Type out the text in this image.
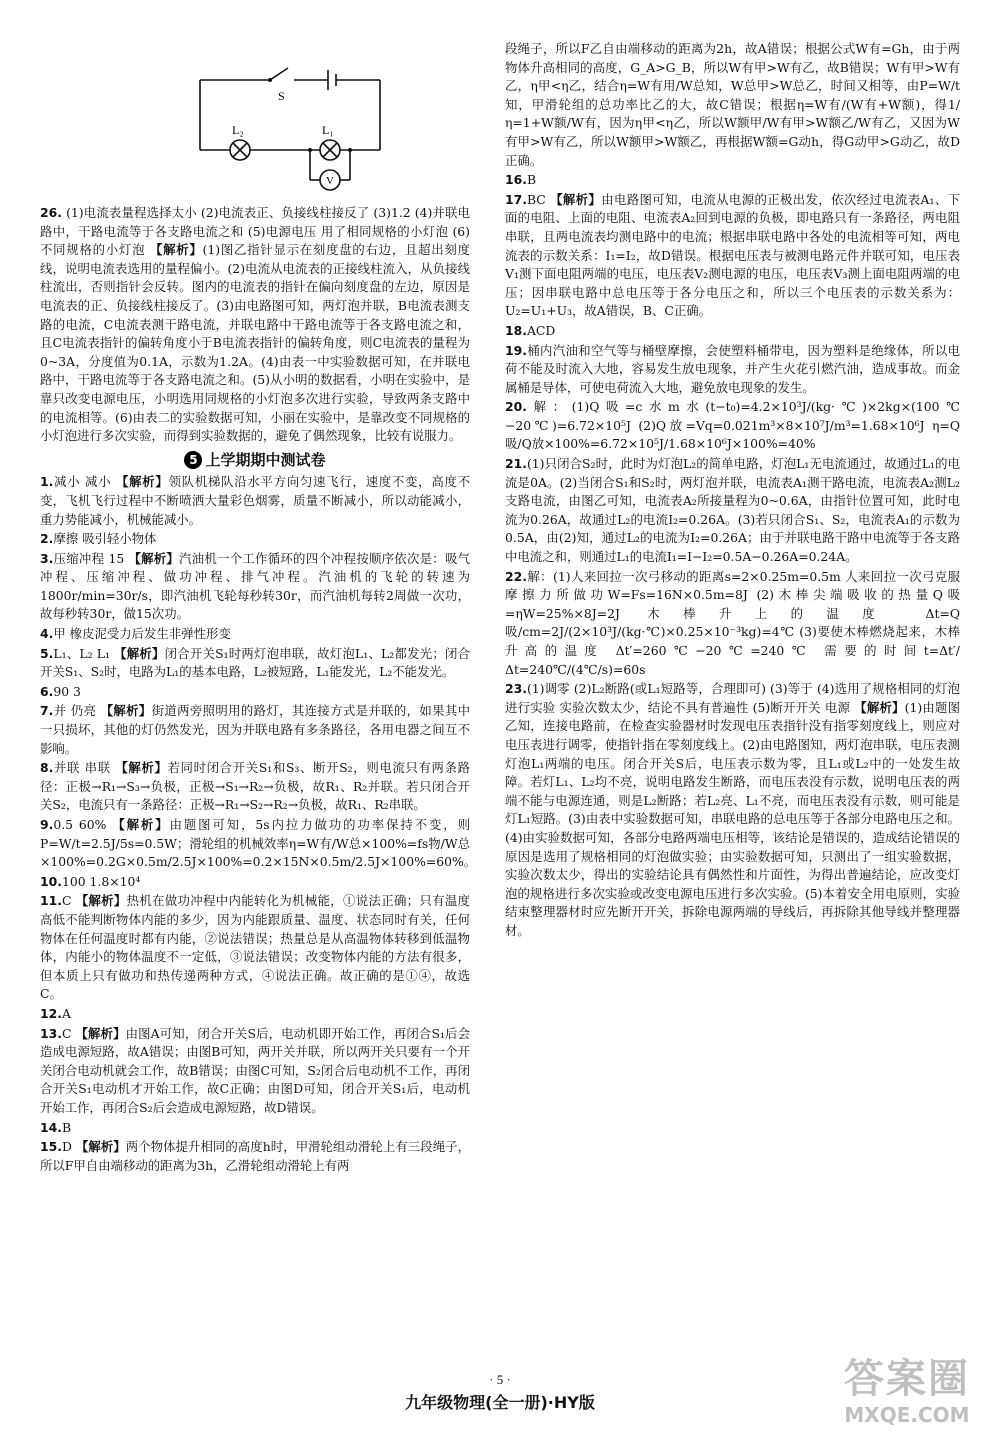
S
L₂	L₁
V
26. (1)电流表量程选择太小 (2)电流表正、负接线柱接反了 (3)1.2 (4)并联电路中，干路电流等于各支路电流之和 (5)电源电压 用了相同规格的小灯泡 (6)不同规格的小灯泡 【解析】(1)图乙指针显示在刻度盘的右边，且超出刻度线，说明电流表选用的量程偏小。(2)电流从电流表的正接线柱流入，从负接线柱流出，否则指针会反转。图内的电流表的指针在偏向刻度盘的左边，原因是电流表的正、负接线柱接反了。(3)由电路图可知，两灯泡并联，B电流表测支路的电流，C电流表测干路电流，并联电路中干路电流等于各支路电流之和，且C电流表指针的偏转角度小于B电流表指针的偏转角度，则C电流表的量程为0~3A，分度值为0.1A，示数为1.2A。(4)由表一中实验数据可知，在并联电路中，干路电流等于各支路电流之和。(5)从小明的数据看，小明在实验中，是靠只改变电源电压，小明选用同规格的小灯泡多次进行实验，导致两条支路中的电流相等。(6)由表二的实验数据可知，小丽在实验中，是靠改变不同规格的小灯泡进行多次实验，而得到实验数据的，避免了偶然现象，比较有说服力。
5 上学期期中测试卷
1.减小 减小 【解析】领队机梯队沿水平方向匀速飞行，速度不变，高度不变，飞机飞行过程中不断喷洒大量彩色烟雾，质量不断减小，所以动能减小，重力势能减小，机械能减小。
2.摩擦 吸引轻小物体
3.压缩冲程 15 【解析】汽油机一个工作循环的四个冲程按顺序依次是：吸气冲程、压缩冲程、做功冲程、排气冲程。汽油机的飞轮的转速为1800r/min=30r/s，即汽油机飞轮每秒转30r，而汽油机每转2周做一次功，故每秒转30r，做15次功。
4.甲 橡皮泥受力后发生非弹性形变
5.L₁、L₂ L₁ 【解析】闭合开关S₁时两灯泡串联，故灯泡L₁、L₂都发光；闭合开关S₁、S₂时，电路为L₁的基本电路，L₂被短路，L₁能发光，L₂不能发光。
6.90 3
7.并 仍亮 【解析】街道两旁照明用的路灯，其连接方式是并联的，如果其中一只损坏，其他的灯仍然发光，因为并联电路有多条路径，各用电器之间互不影响。
8.并联 串联 【解析】若同时闭合开关S₁和S₃、断开S₂，则电流只有两条路径：正极→R₁→S₃→负极，正极→S₁→R₂→负极，故R₁、R₂并联。若只闭合开关S₂，电流只有一条路径：正极→R₁→S₂→R₂→负极，故R₁、R₂串联。
9.0.5 60% 【解析】由题图可知，5s内拉力做功的功率保持不变，则P=W/t=2.5J/5s=0.5W；滑轮组的机械效率η=W有/W总×100%=fs物/W总×100%=0.2G×0.5m/2.5J×100%=0.2×15N×0.5m/2.5J×100%=60%。
10.100 1.8×10⁴
11.C 【解析】热机在做功冲程中内能转化为机械能，①说法正确；只有温度高低不能判断物体内能的多少，因为内能跟质量、温度、状态同时有关，任何物体在任何温度时都有内能，②说法错误；热量总是从高温物体转移到低温物体，内能小的物体温度不一定低，③说法错误；改变物体内能的方法有很多，但本质上只有做功和热传递两种方式，④说法正确。故正确的是①④，故选C。
12.A
13.C 【解析】由图A可知，闭合开关S后，电动机即开始工作，再闭合S₁后会造成电源短路，故A错误；由图B可知，两开关并联，所以两开关只要有一个开关闭合电动机就会工作，故B错误；由图C可知，S₂闭合后电动机不工作，再闭合开关S₁电动机才开始工作，故C正确；由图D可知，闭合开关S₁后，电动机开始工作，再闭合S₂后会造成电源短路，故D错误。
14.B
15.D 【解析】两个物体提升相同的高度h时，甲滑轮组动滑轮上有三段绳子，所以F甲自由端移动的距离为3h，乙滑轮组动滑轮上有两
段绳子，所以F乙自由端移动的距离为2h，故A错误；根据公式W有=Gh，由于两物体升高相同的高度，G_A>G_B，所以W有甲>W有乙，故B错误；W有甲>W有乙，η甲<η乙，结合η=W有用/W总知，W总甲>W总乙，时间又相等，由P=W/t知，甲滑轮组的总功率比乙的大，故C错误；根据η=W有/(W有+W额)，得1/η=1+W额/W有，因为η甲<η乙，所以W额甲/W有甲>W额乙/W有乙，又因为W有甲>W有乙，所以W额甲>W额乙，再根据W额=G动h，得G动甲>G动乙，故D正确。
16.B
17.BC 【解析】由电路图可知，电流从电源的正极出发，依次经过电流表A₁、下面的电阻、上面的电阻、电流表A₂回到电源的负极，即电路只有一条路径，两电阻串联，且两电流表均测电路中的电流；根据串联电路中各处的电流相等可知，两电流表的示数关系：I₁=I₂，故D错误。根据电压表与被测电路元件并联可知，电压表V₁测下面电阻两端的电压，电压表V₂测电源的电压，电压表V₃测上面电阻两端的电压；因串联电路中总电压等于各分电压之和，所以三个电压表的示数关系为：U₂=U₁+U₃，故A错误，B、C正确。
18.ACD
19.桶内汽油和空气等与桶壁摩擦，会使塑料桶带电，因为塑料是绝缘体，所以电荷不能及时流入大地，容易发生放电现象，并产生火花引燃汽油，造成事故。而金属桶是导体，可使电荷流入大地，避免放电现象的发生。
20.解：(1)Q吸=c水m水(t−t₀)=4.2×10³J/(kg·℃)×2kg×(100℃−20℃)=6.72×10⁵J (2)Q放=Vq=0.021m³×8×10⁷J/m³=1.68×10⁶J η=Q吸/Q放×100%=6.72×10⁵J/1.68×10⁶J×100%=40%
21.(1)只闭合S₂时，此时为灯泡L₂的简单电路，灯泡L₁无电流通过，故通过L₁的电流是0A。(2)当闭合S₁和S₂时，两灯泡并联，电流表A₁测干路电流，电流表A₂测L₂支路电流，由图乙可知，电流表A₂所接量程为0~0.6A，由指针位置可知，此时电流为0.26A，故通过L₂的电流I₂=0.26A。(3)若只闭合S₁、S₂，电流表A₁的示数为0.5A，由(2)知，通过L₂的电流为I₂=0.26A；由于并联电路干路中电流等于各支路中电流之和，则通过L₁的电流I₁=I−I₂=0.5A−0.26A=0.24A。
22.解：(1)人来回拉一次弓移动的距离s=2×0.25m=0.5m 人来回拉一次弓克服摩擦力所做功W=Fs=16N×0.5m=8J (2)木棒尖端吸收的热量Q吸=ηW=25%×8J=2J 木棒升上的温度 Δt=Q吸/cm=2J/(2×10³J/(kg·℃)×0.25×10⁻³kg)=4℃ (3)要使木棒燃烧起来，木棒升高的温度 Δt′=260℃−20℃=240℃ 需要的时间t=Δt′/Δt=240℃/(4℃/s)=60s
23.(1)调零 (2)L₂断路(或L₁短路等，合理即可) (3)等于 (4)选用了规格相同的灯泡进行实验 实验次数太少，结论不具有普遍性 (5)断开开关 电源 【解析】(1)由题图乙知，连接电路前，在检查实验器材时发现电压表指针没有指零刻度线上，则应对电压表进行调零，使指针指在零刻度线上。(2)由电路图知，两灯泡串联，电压表测灯泡L₁两端的电压。闭合开关S后，电压表示数为零，且L₁或L₂中的一处发生故障。若灯L₁、L₂均不亮，说明电路发生断路，而电压表没有示数，说明电压表的两端不能与电源连通，则是L₂断路；若L₂亮、L₁不亮，而电压表没有示数，则可能是灯L₁短路。(3)由表中实验数据可知，串联电路的总电压等于各部分电路电压之和。(4)由实验数据可知，各部分电路两端电压相等，该结论是错误的，造成结论错误的原因是选用了规格相同的灯泡做实验；由实验数据可知，只测出了一组实验数据，实验次数太少，得出的实验结论具有偶然性和片面性，为得出普遍结论，应改变灯泡的规格进行多次实验或改变电源电压进行多次实验。(5)本着安全用电原则，实验结束整理器材时应先断开开关，拆除电源两端的导线后，再拆除其他导线并整理器材。
· 5 ·
九年级物理(全一册)·HY版
答案圈
MXQE.COM
